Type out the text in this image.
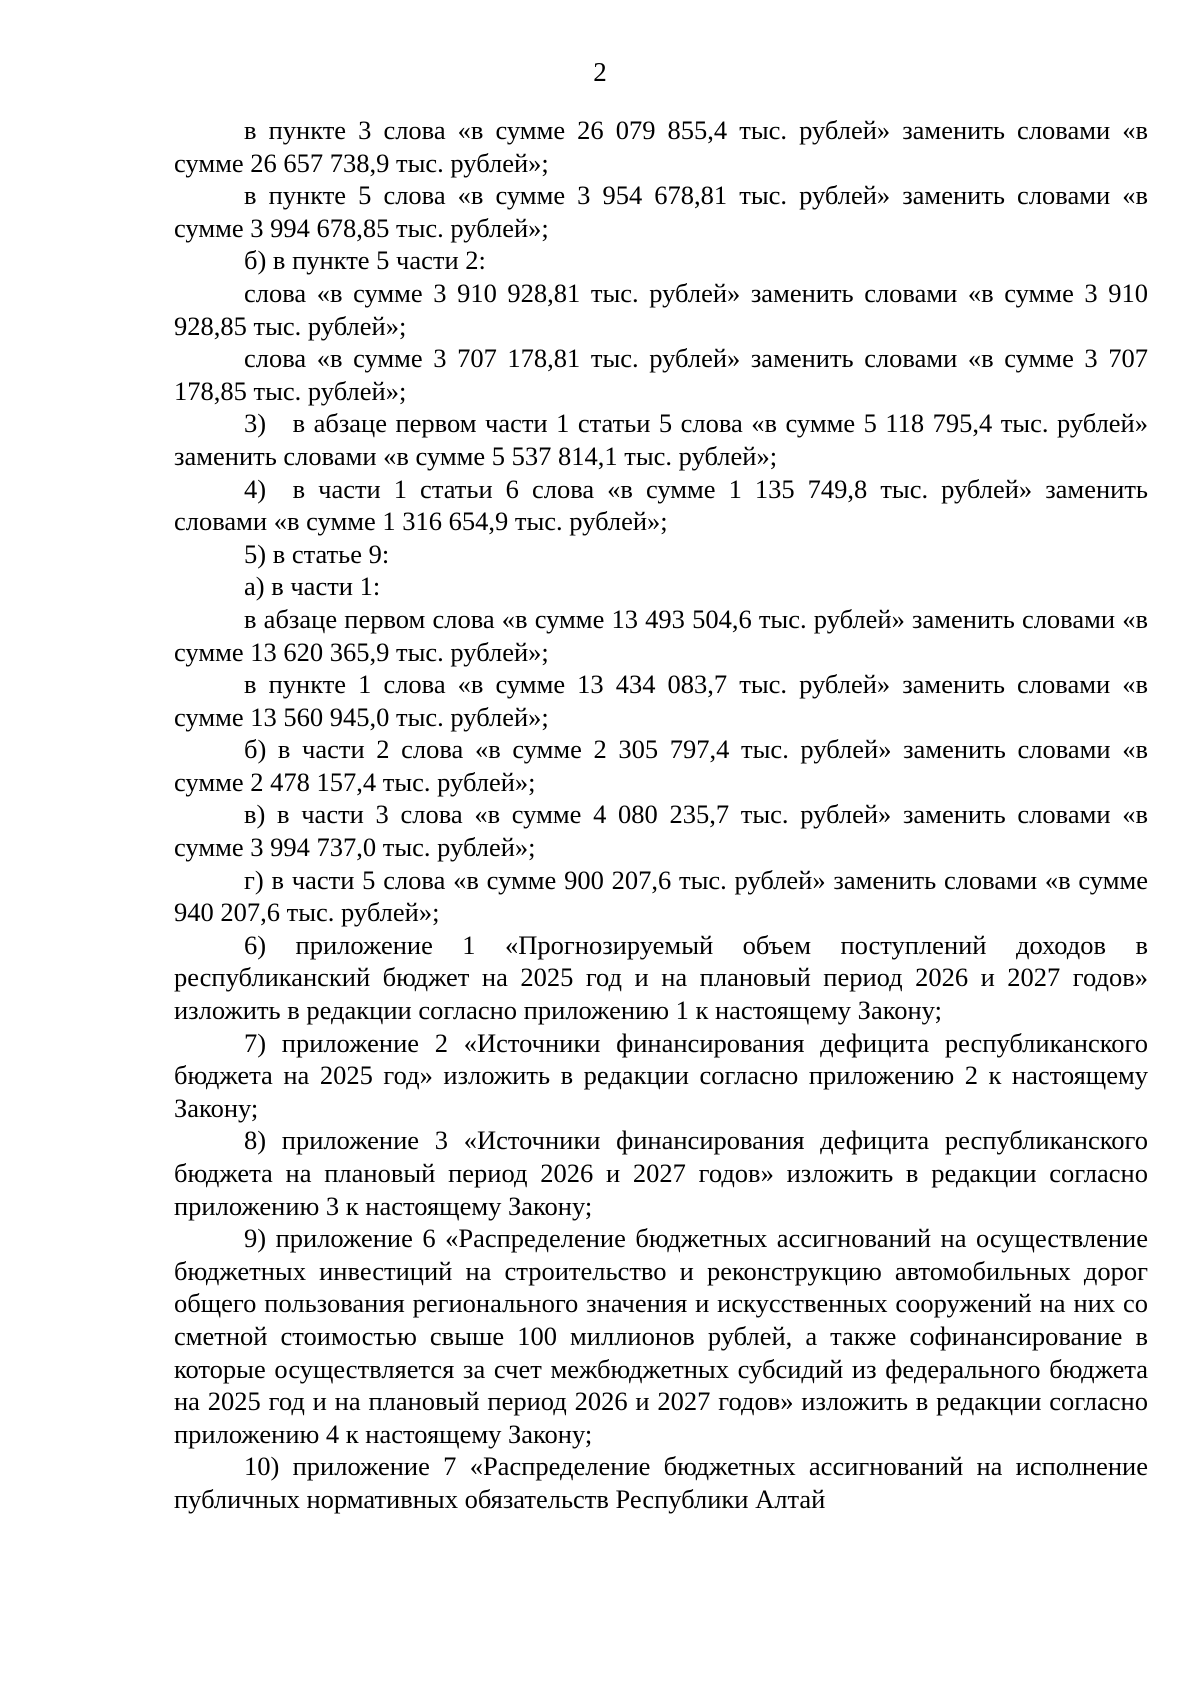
2

в пункте 3 слова «в сумме 26 079 855,4 тыс. рублей» заменить словами «в сумме 26 657 738,9 тыс. рублей»;

в пункте 5 слова «в сумме 3 954 678,81 тыс. рублей» заменить словами «в сумме 3 994 678,85 тыс. рублей»;

б) в пункте 5 части 2:

слова «в сумме 3 910 928,81 тыс. рублей» заменить словами «в сумме 3 910 928,85 тыс. рублей»;

слова «в сумме 3 707 178,81 тыс. рублей» заменить словами «в сумме 3 707 178,85 тыс. рублей»;

3) в абзаце первом части 1 статьи 5 слова «в сумме 5 118 795,4 тыс. рублей» заменить словами «в сумме 5 537 814,1 тыс. рублей»;

4) в части 1 статьи 6 слова «в сумме 1 135 749,8 тыс. рублей» заменить словами «в сумме 1 316 654,9 тыс. рублей»;

5) в статье 9:

а) в части 1:

в абзаце первом слова «в сумме 13 493 504,6 тыс. рублей» заменить словами «в сумме 13 620 365,9 тыс. рублей»;

в пункте 1 слова «в сумме 13 434 083,7 тыс. рублей» заменить словами «в сумме 13 560 945,0 тыс. рублей»;

б) в части 2 слова «в сумме 2 305 797,4 тыс. рублей» заменить словами «в сумме 2 478 157,4 тыс. рублей»;

в) в части 3 слова «в сумме 4 080 235,7 тыс. рублей» заменить словами «в сумме 3 994 737,0 тыс. рублей»;

г) в части 5 слова «в сумме 900 207,6 тыс. рублей» заменить словами «в сумме 940 207,6 тыс. рублей»;

6) приложение 1 «Прогнозируемый объем поступлений доходов в республиканский бюджет на 2025 год и на плановый период 2026 и 2027 годов» изложить в редакции согласно приложению 1 к настоящему Закону;

7) приложение 2 «Источники финансирования дефицита республиканского бюджета на 2025 год» изложить в редакции согласно приложению 2 к настоящему Закону;

8) приложение 3 «Источники финансирования дефицита республиканского бюджета на плановый период 2026 и 2027 годов» изложить в редакции согласно приложению 3 к настоящему Закону;

9) приложение 6 «Распределение бюджетных ассигнований на осуществление бюджетных инвестиций на строительство и реконструкцию автомобильных дорог общего пользования регионального значения и искусственных сооружений на них со сметной стоимостью свыше 100 миллионов рублей, а также софинансирование в которые осуществляется за счет межбюджетных субсидий из федерального бюджета на 2025 год и на плановый период 2026 и 2027 годов» изложить в редакции согласно приложению 4 к настоящему Закону;

10) приложение 7 «Распределение бюджетных ассигнований на исполнение публичных нормативных обязательств Республики Алтай
